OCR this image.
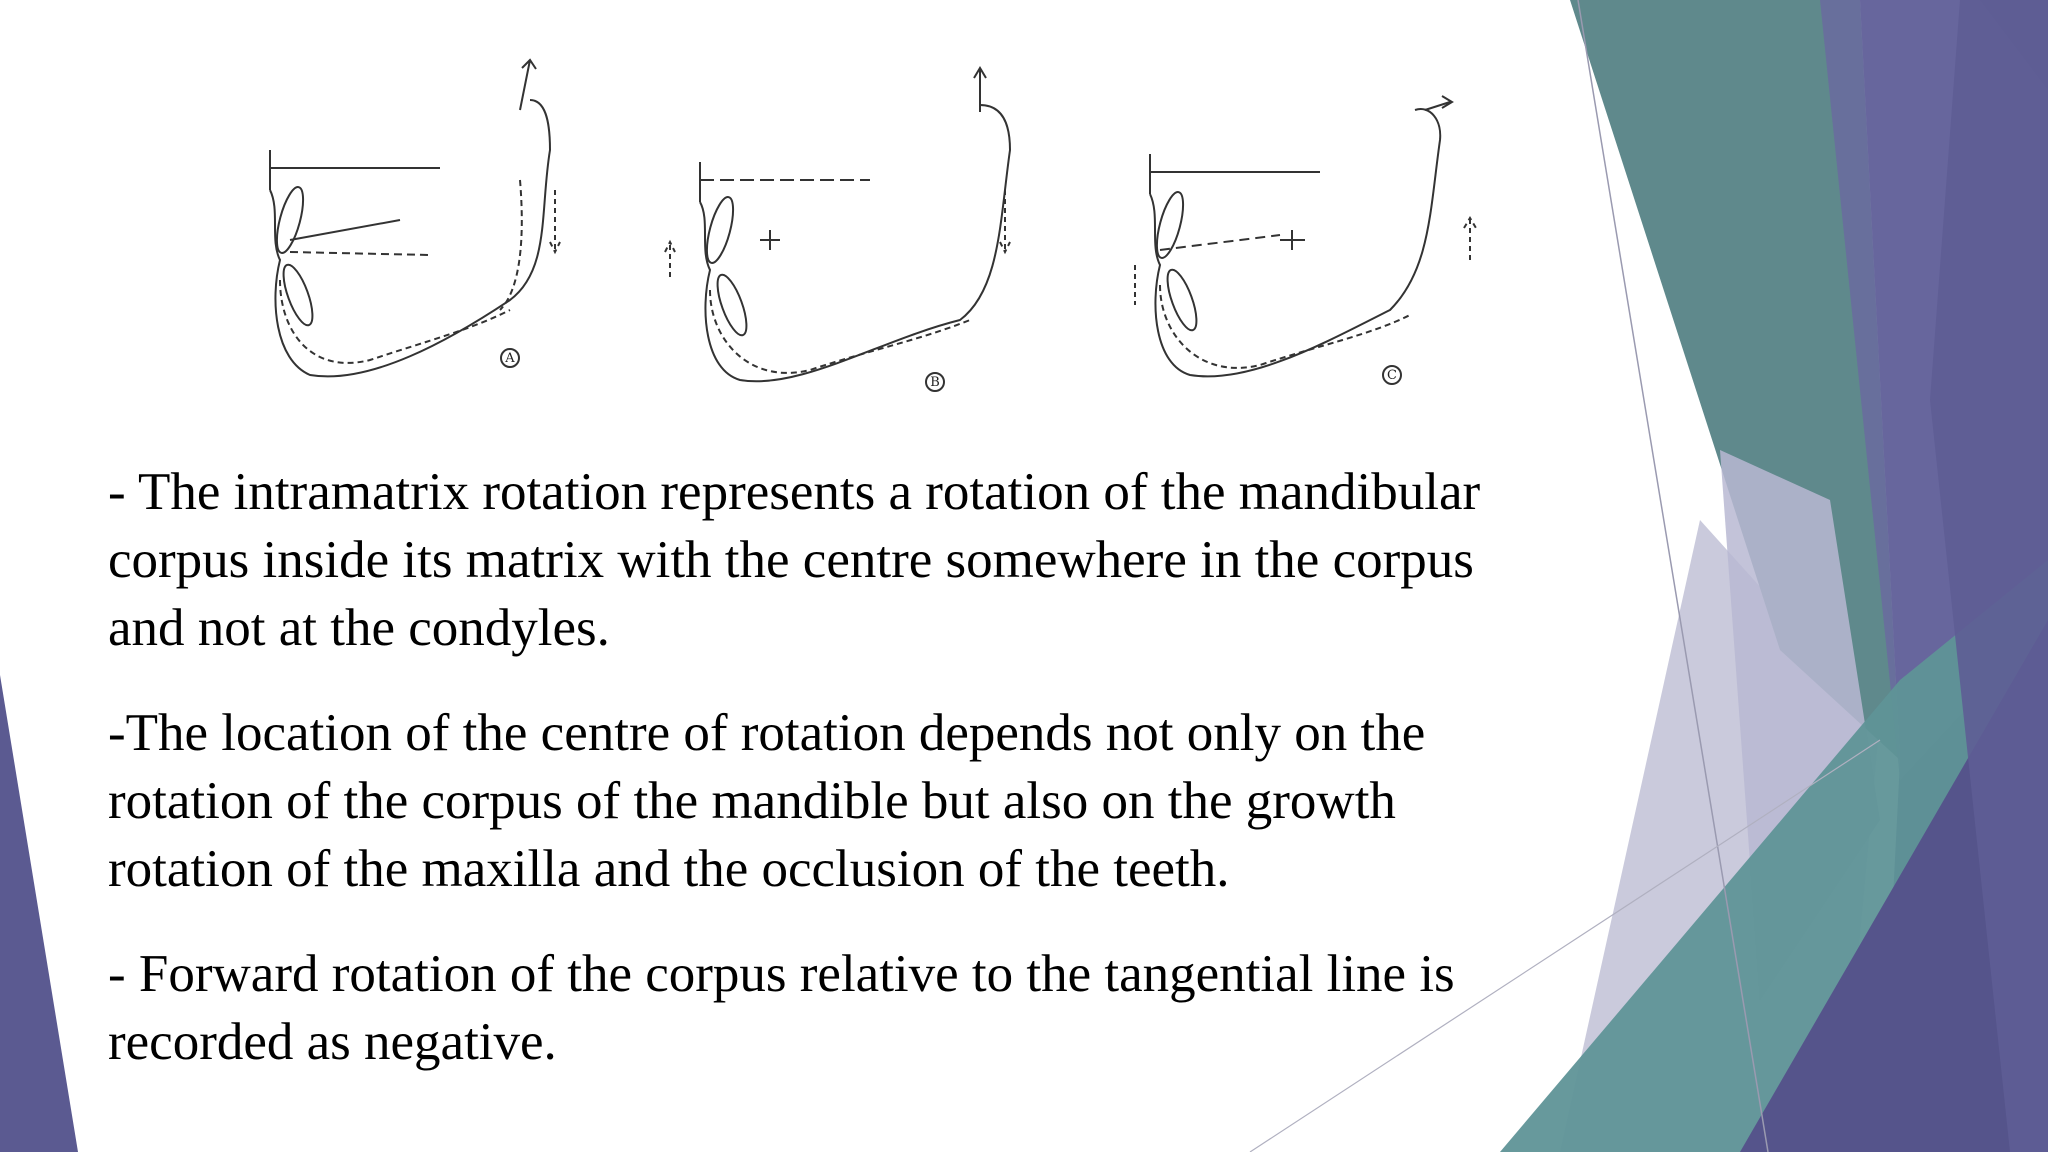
A
B	C

- The intramatrix rotation represents a rotation of the mandibular
corpus inside its matrix with the centre somewhere in the corpus
and not at the condyles.

-The location of the centre of rotation depends not only on the
rotation of the corpus of the mandible but also on the growth
rotation of the maxilla and the occlusion of the teeth.

- Forward rotation of the corpus relative to the tangential line is
recorded as negative.
